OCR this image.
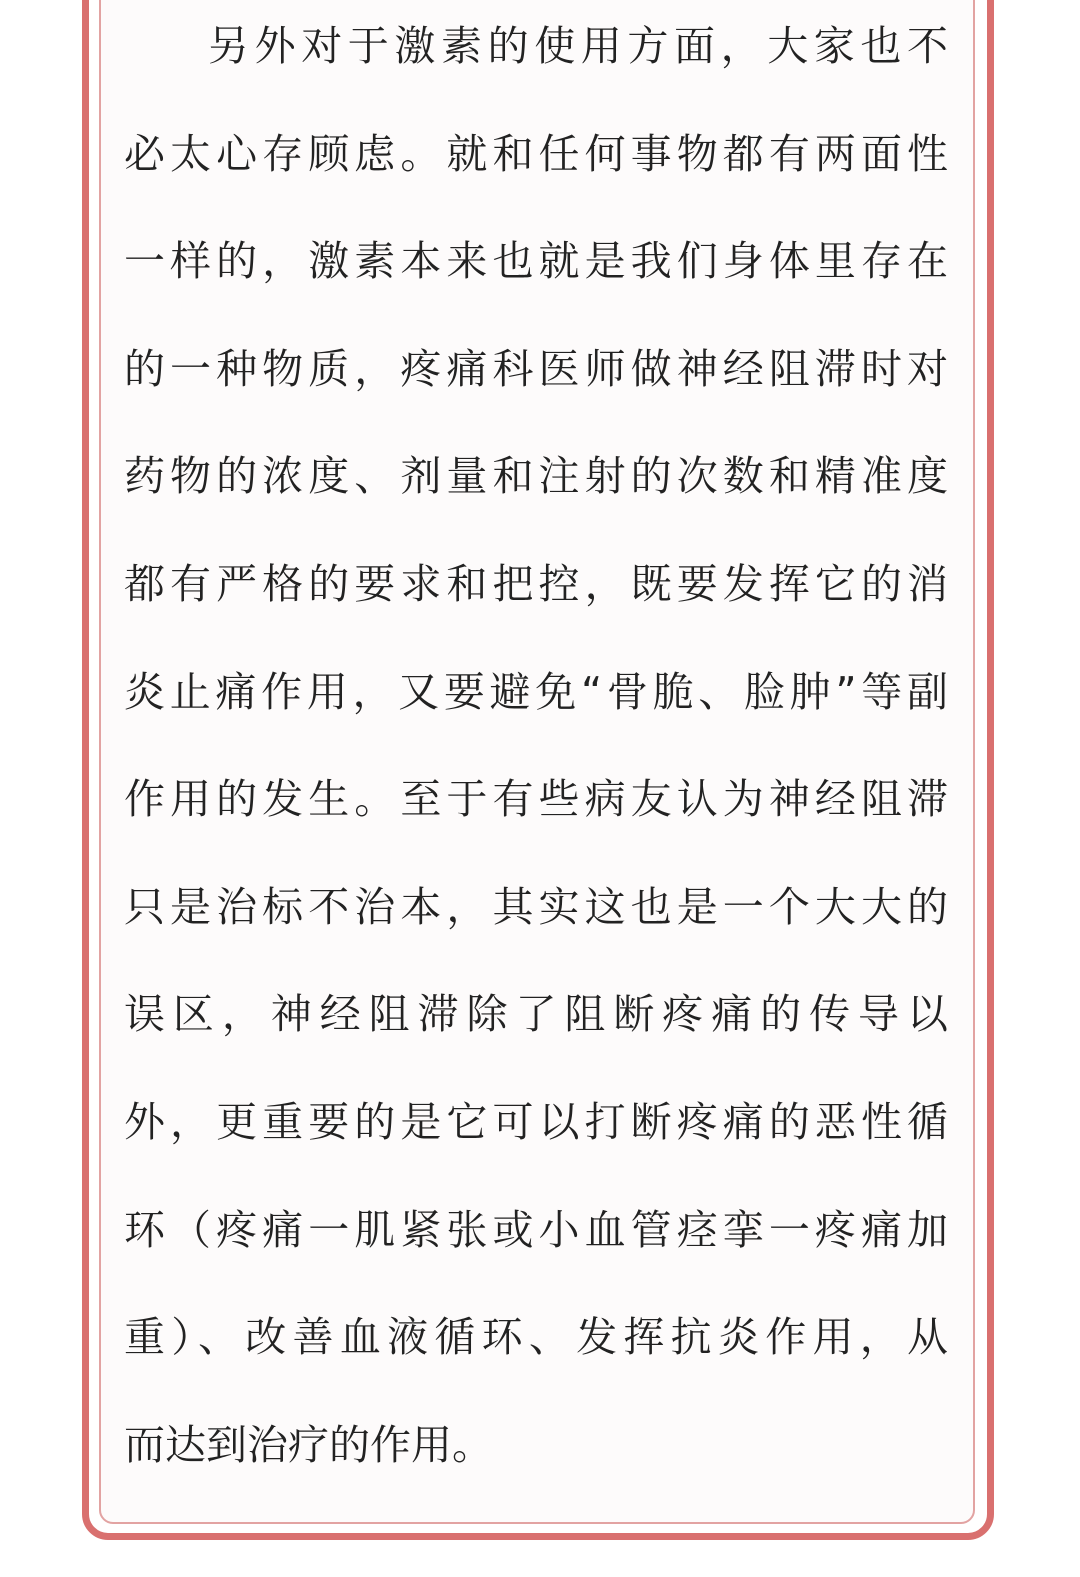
另外对于激素的使用方面，大家也不
必太心存顾虑。就和任何事物都有两面性
一样的，激素本来也就是我们身体里存在
的一种物质，疼痛科医师做神经阻滞时对
药物的浓度、剂量和注射的次数和精准度
都有严格的要求和把控，既要发挥它的消
炎止痛作用，又要避免“骨脆、脸肿”等副
作用的发生。至于有些病友认为神经阻滞
只是治标不治本，其实这也是一个大大的
误区，神经阻滞除了阻断疼痛的传导以
外，更重要的是它可以打断疼痛的恶性循
环（疼痛一肌紧张或小血管痉挛一疼痛加
重）、改善血液循环、发挥抗炎作用，从
而达到治疗的作用。
